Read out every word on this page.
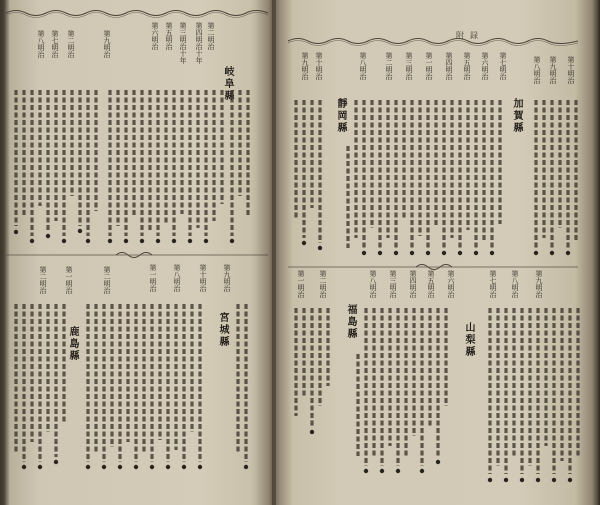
第二明治
第四明治十年
第三明治十年
第五明治
第六明治
第九明治
第二明治
第七明治
第八明治
岐阜縣
第九明治
第十明治
第八明治
第一明治
第二明治
第一明治
第二明治
宮城縣
鹿島縣
附録
第九明治 第十明治	第八明治	第二明治 第三明治 第一明治 第四明治 第五明治 第六明治 第七明治	第八明治 第九明治 第十明治
加賀縣
靜岡縣
第一明治 第二明治	第八明治 第三明治 第四明治 第五明治 第六明治	第七明治 第八明治 第九明治
山梨縣
福島縣
